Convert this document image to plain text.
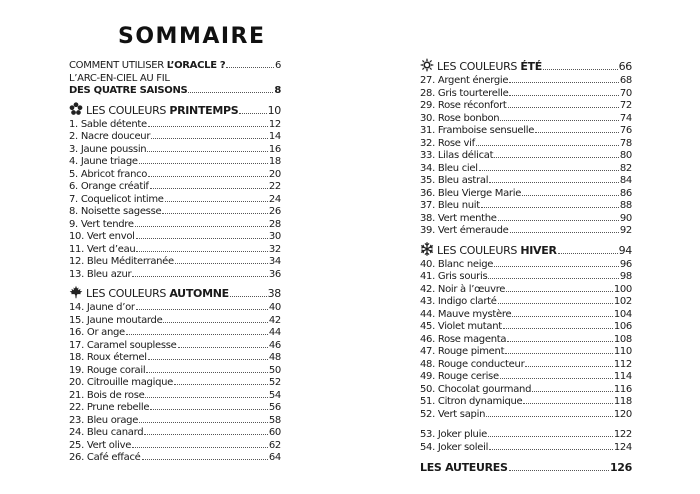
SOMMAIRE
COMMENT UTILISER L’ORACLE ?	6
L’ARC-EN-CIEL AU FIL
DES QUATRE SAISONS	8
LES COULEURS PRINTEMPS	10
1. Sable détente	12
2. Nacre douceur	14
3. Jaune poussin	16
4. Jaune triage	18
5. Abricot franco	20
6. Orange créatif	22
7. Coquelicot intime	24
8. Noisette sagesse	26
9. Vert tendre	28
10. Vert envol	30
11. Vert d’eau	32
12. Bleu Méditerranée	34
13. Bleu azur	36
LES COULEURS AUTOMNE	38
14. Jaune d’or	40
15. Jaune moutarde	42
16. Or ange	44
17. Caramel souplesse	46
18. Roux éternel	48
19. Rouge corail	50
20. Citrouille magique	52
21. Bois de rose	54
22. Prune rebelle	56
23. Bleu orage	58
24. Bleu canard	60
25. Vert olive	62
26. Café effacé	64
LES COULEURS ÉTÉ	66
27. Argent énergie	68
28. Gris tourterelle	70
29. Rose réconfort	72
30. Rose bonbon	74
31. Framboise sensuelle	76
32. Rose vif	78
33. Lilas délicat	80
34. Bleu ciel	82
35. Bleu astral	84
36. Bleu Vierge Marie	86
37. Bleu nuit	88
38. Vert menthe	90
39. Vert émeraude	92
LES COULEURS HIVER	94
40. Blanc neige	96
41. Gris souris	98
42. Noir à l’œuvre	100
43. Indigo clarté	102
44. Mauve mystère	104
45. Violet mutant	106
46. Rose magenta	108
47. Rouge piment	110
48. Rouge conducteur	112
49. Rouge cerise	114
50. Chocolat gourmand	116
51. Citron dynamique	118
52. Vert sapin	120
53. Joker pluie	122
54. Joker soleil	124
LES AUTEURES	126
